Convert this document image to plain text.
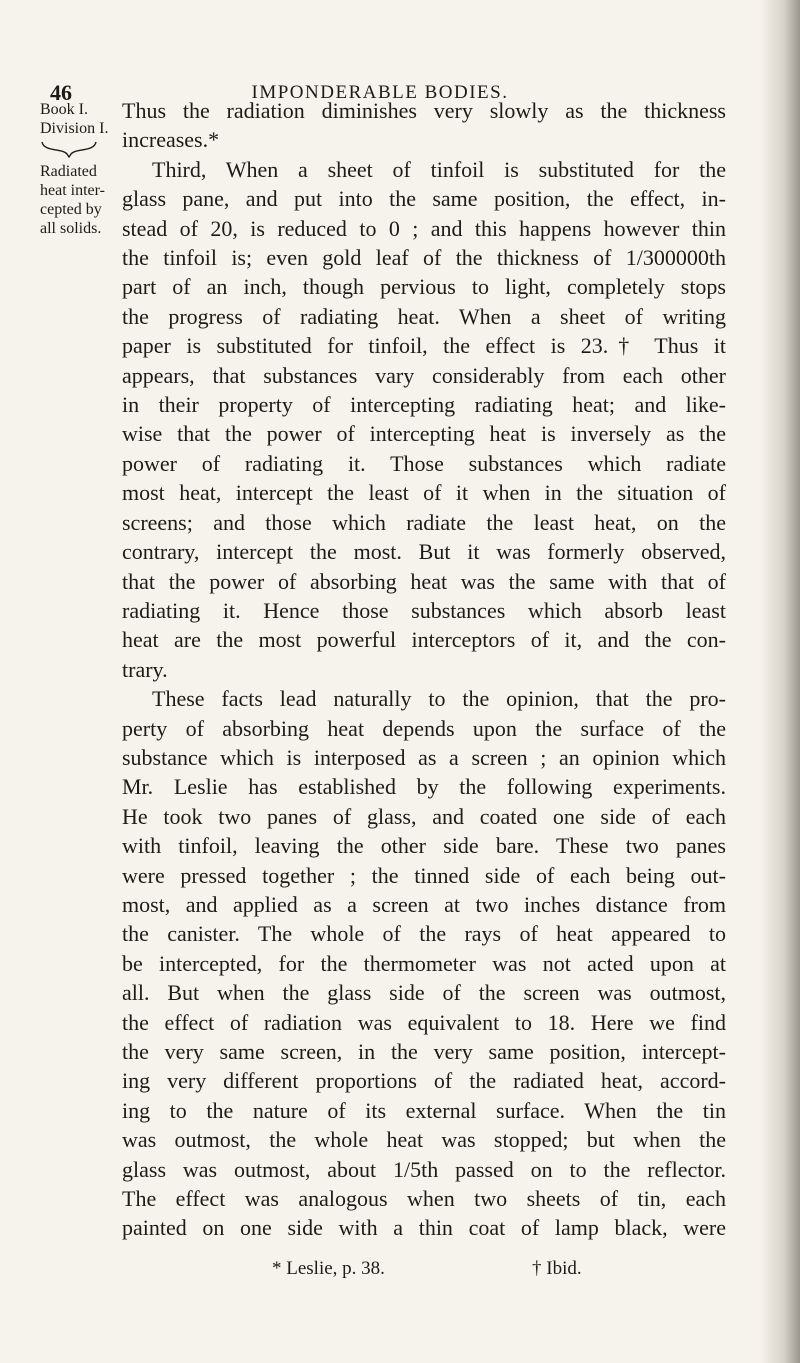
46	IMPONDERABLE BODIES.
Book I.
Division I.
Radiated
heat inter-
cepted by
all solids.
Thus the radiation diminishes very slowly as the thickness
increases.*
Third, When a sheet of tinfoil is substituted for the
glass pane, and put into the same position, the effect, in-
stead of 20, is reduced to 0 ; and this happens however thin
the tinfoil is; even gold leaf of the thickness of 1/300000th
part of an inch, though pervious to light, completely stops
the progress of radiating heat. When a sheet of writing
paper is substituted for tinfoil, the effect is 23.† Thus it
appears, that substances vary considerably from each other
in their property of intercepting radiating heat; and like-
wise that the power of intercepting heat is inversely as the
power of radiating it. Those substances which radiate
most heat, intercept the least of it when in the situation of
screens; and those which radiate the least heat, on the
contrary, intercept the most. But it was formerly observed,
that the power of absorbing heat was the same with that of
radiating it. Hence those substances which absorb least
heat are the most powerful interceptors of it, and the con-
trary.
These facts lead naturally to the opinion, that the pro-
perty of absorbing heat depends upon the surface of the
substance which is interposed as a screen ; an opinion which
Mr. Leslie has established by the following experiments.
He took two panes of glass, and coated one side of each
with tinfoil, leaving the other side bare. These two panes
were pressed together ; the tinned side of each being out-
most, and applied as a screen at two inches distance from
the canister. The whole of the rays of heat appeared to
be intercepted, for the thermometer was not acted upon at
all. But when the glass side of the screen was outmost,
the effect of radiation was equivalent to 18. Here we find
the very same screen, in the very same position, intercept-
ing very different proportions of the radiated heat, accord-
ing to the nature of its external surface. When the tin
was outmost, the whole heat was stopped; but when the
glass was outmost, about 1/5th passed on to the reflector.
The effect was analogous when two sheets of tin, each
painted on one side with a thin coat of lamp black, were
* Leslie, p. 38.	† Ibid.
